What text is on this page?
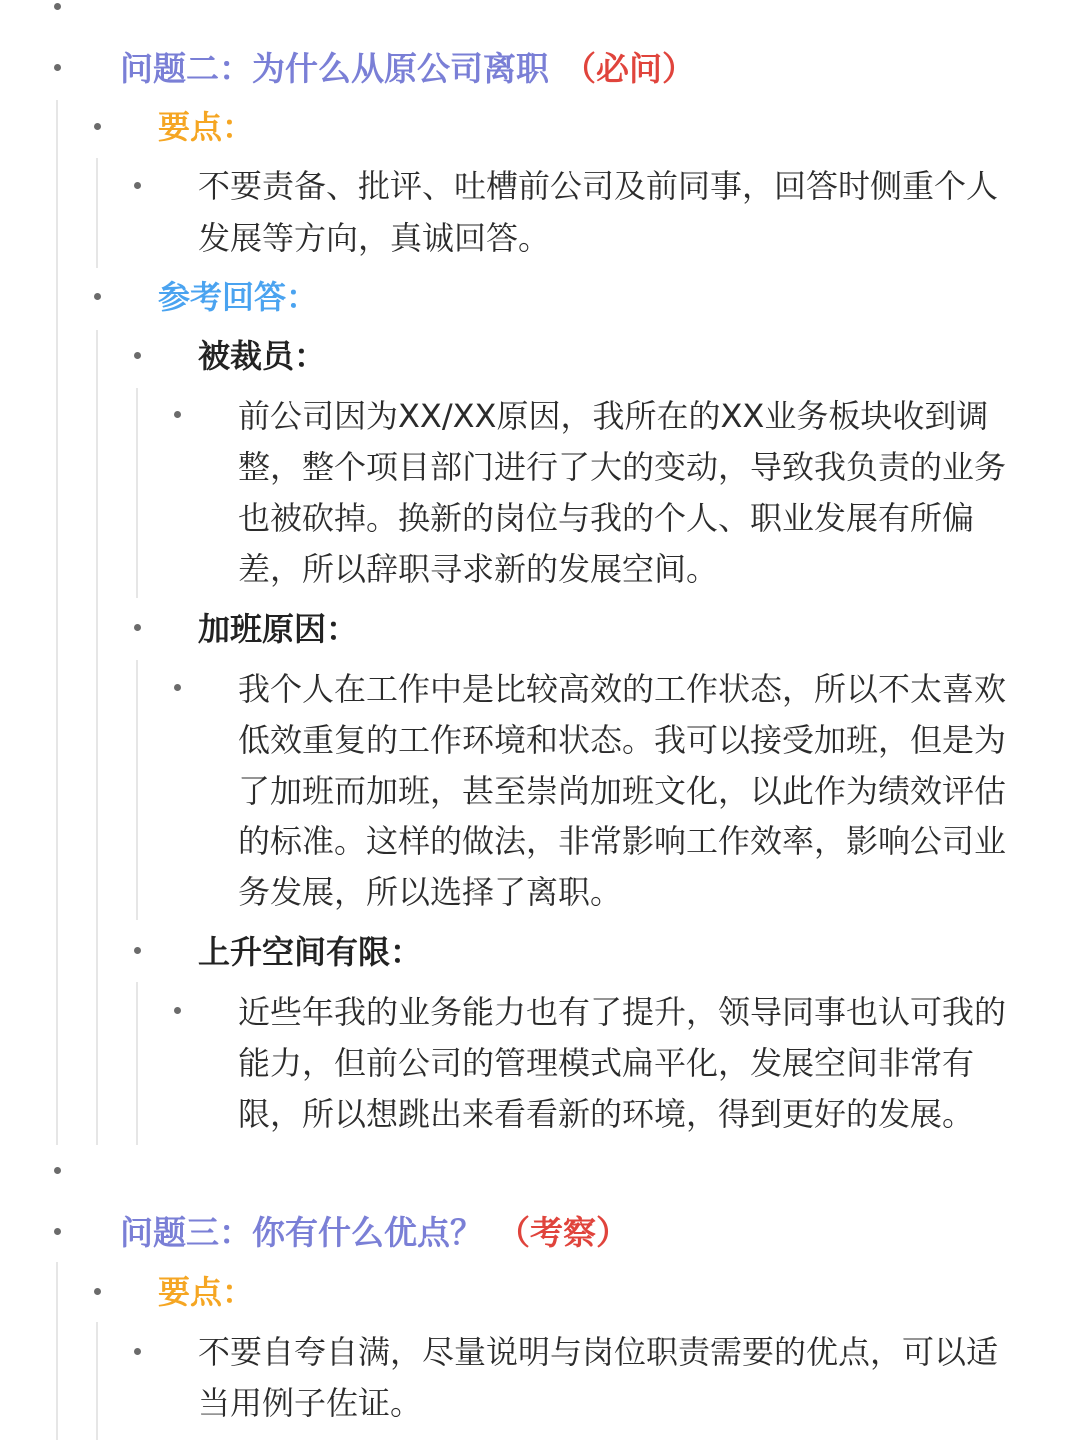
问题二：为什么从原公司离职 （必问）
要点：
不要责备、批评、吐槽前公司及前同事，回答时侧重个人
发展等方向，真诚回答。
参考回答：
被裁员：
前公司因为XX/XX原因，我所在的XX业务板块收到调
整，整个项目部门进行了大的变动，导致我负责的业务
也被砍掉。换新的岗位与我的个人、职业发展有所偏
差，所以辞职寻求新的发展空间。
加班原因：
我个人在工作中是比较高效的工作状态，所以不太喜欢
低效重复的工作环境和状态。我可以接受加班，但是为
了加班而加班，甚至崇尚加班文化，以此作为绩效评估
的标准。这样的做法，非常影响工作效率，影响公司业
务发展，所以选择了离职。
上升空间有限：
近些年我的业务能力也有了提升，领导同事也认可我的
能力，但前公司的管理模式扁平化，发展空间非常有
限，所以想跳出来看看新的环境，得到更好的发展。
问题三：你有什么优点？ （考察）
要点：
不要自夸自满，尽量说明与岗位职责需要的优点，可以适
当用例子佐证。
